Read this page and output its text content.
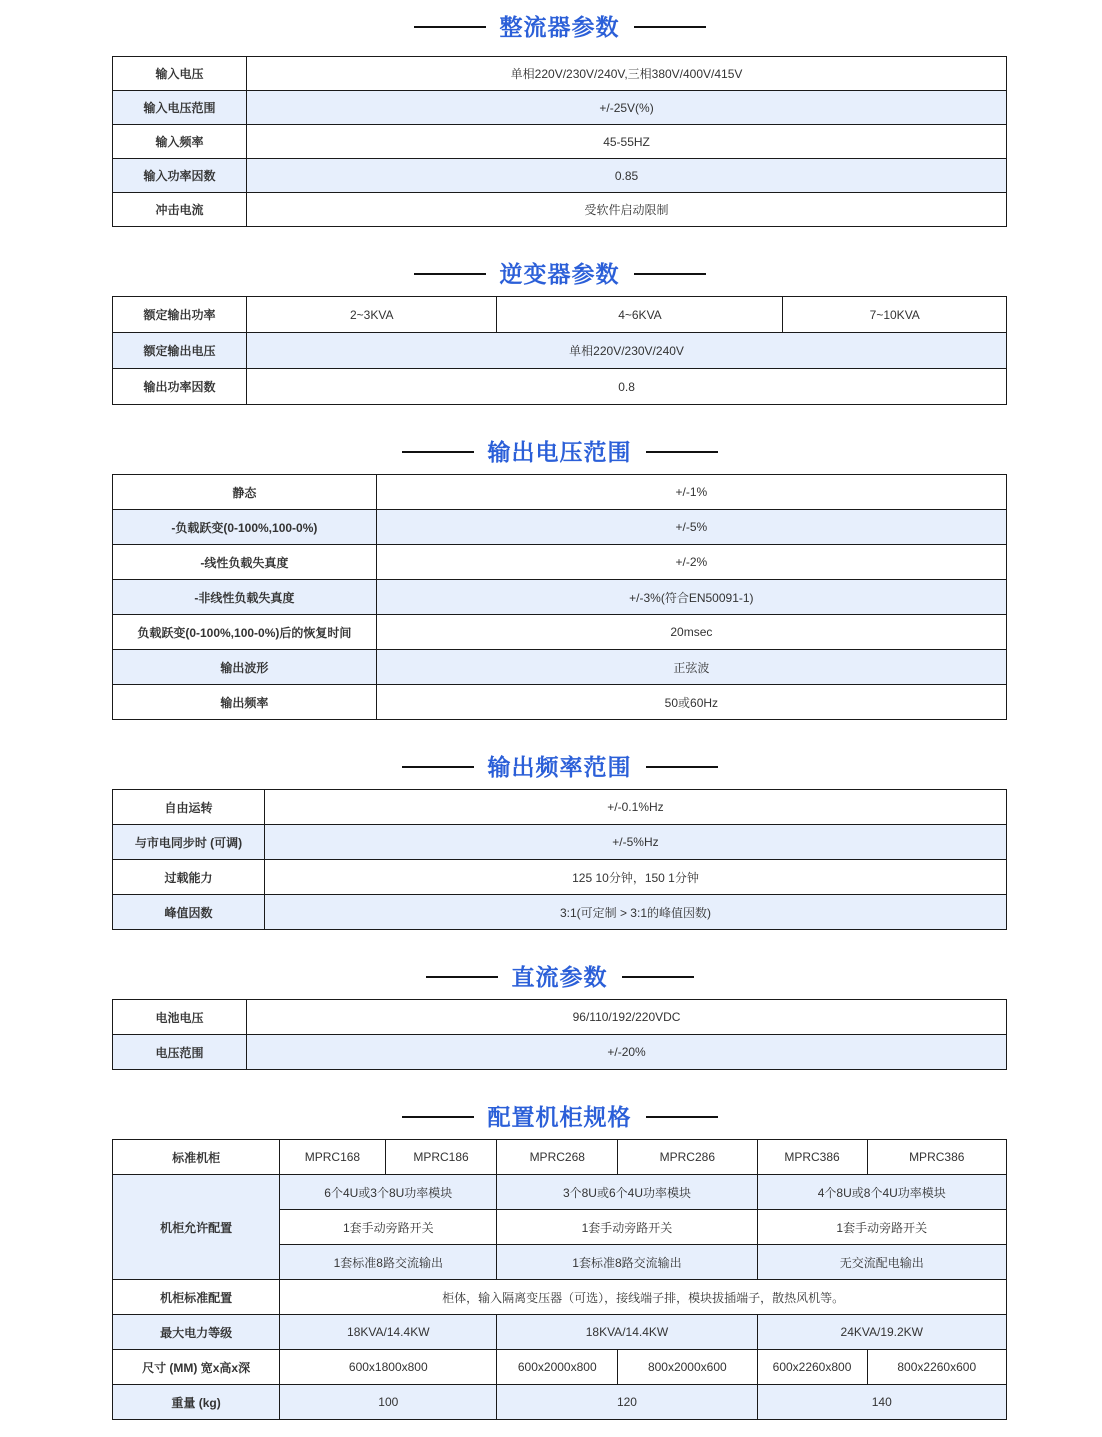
整流器参数
输入电压	单相220V/230V/240V,三相380V/400V/415V
输入电压范围	+/-25V(%)
输入频率	45-55HZ
输入功率因数	0.85
冲击电流	受软件启动限制
逆变器参数
额定输出功率	2~3KVA	4~6KVA	7~10KVA
额定输出电压	单相220V/230V/240V		
输出功率因数	0.8		
输出电压范围
静态	+/-1%
-负载跃变(0-100%,100-0%)	+/-5%
-线性负载失真度	+/-2%
-非线性负载失真度	+/-3%(符合EN50091-1)
负载跃变(0-100%,100-0%)后的恢复时间	20msec
输出波形	正弦波
输出频率	50或60Hz
输出频率范围
自由运转	+/-0.1%Hz
与市电同步时 (可调)	+/-5%Hz
过载能力	125 10分钟，150 1分钟
峰值因数	3:1(可定制 > 3:1的峰值因数)
直流参数
电池电压	96/110/192/220VDC
电压范围	+/-20%
配置机柜规格
标准机柜	MPRC168	MPRC186	MPRC268	MPRC286	MPRC386	MPRC386
机柜允许配置	6个4U或3个8U功率模块		3个8U或6个4U功率模块		4个8U或8个4U功率模块	
	1套手动旁路开关		1套手动旁路开关		1套手动旁路开关	
	1套标准8路交流输出		1套标准8路交流输出		无交流配电输出	
机柜标准配置	柜体，输入隔离变压器（可选），接线端子排，模块拔插端子，散热风机等。					
最大电力等级	18KVA/14.4KW		18KVA/14.4KW		24KVA/19.2KW	
尺寸 (MM) 宽x高x深	600x1800x800		600x2000x800	800x2000x600	600x2260x800	800x2260x600
重量 (kg)	100		120		140	
